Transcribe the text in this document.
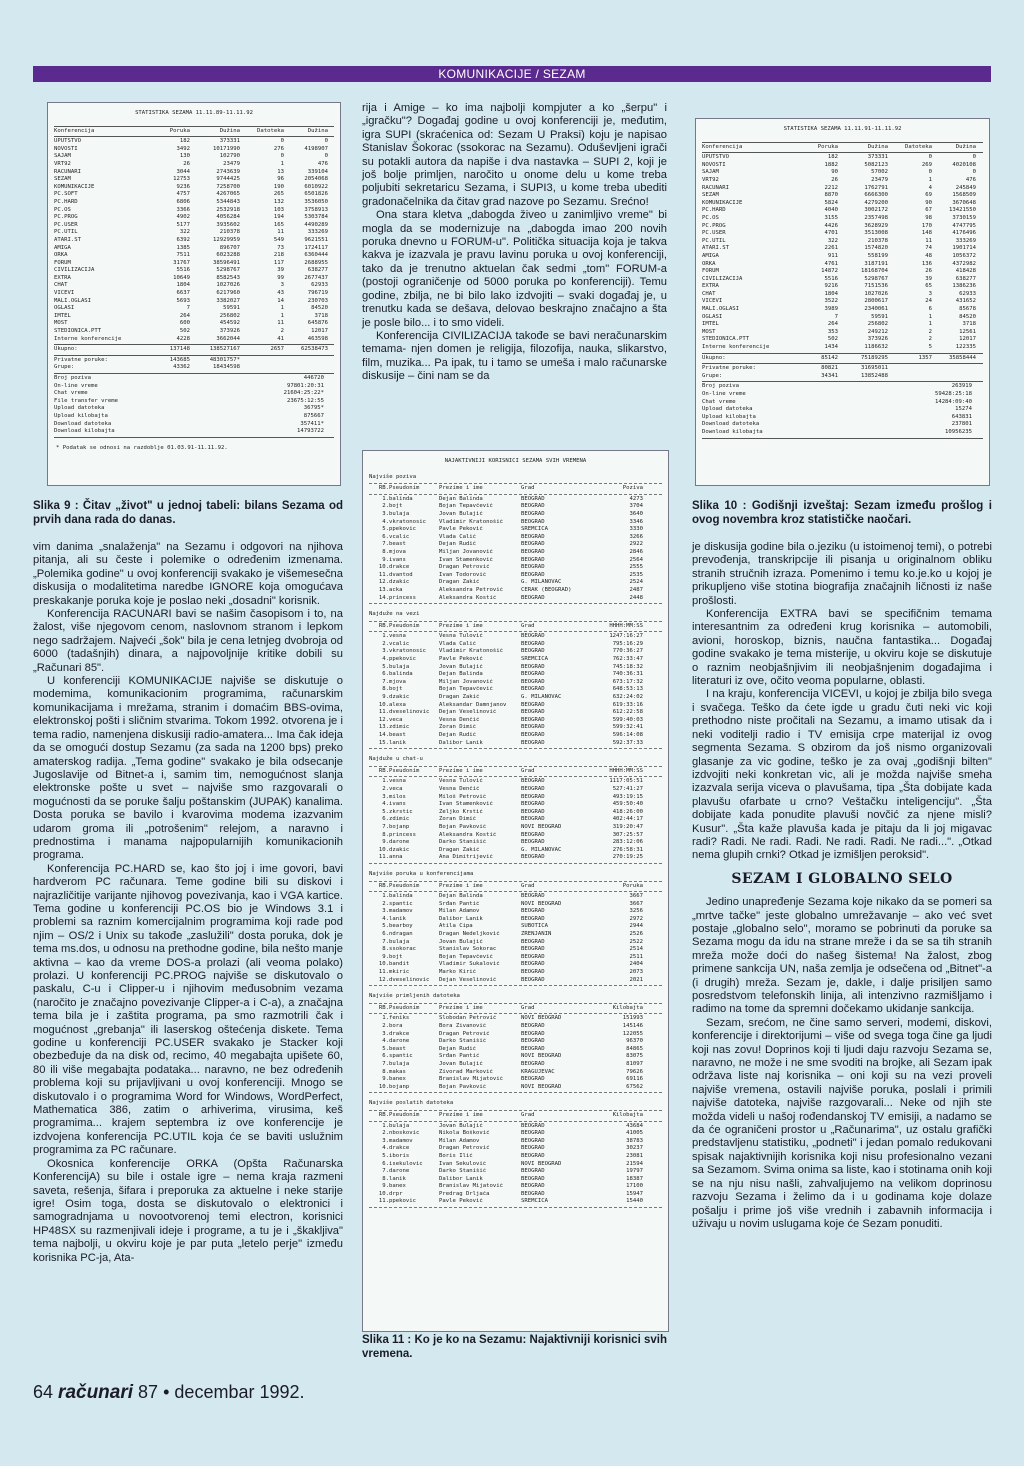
KOMUNIKACIJE / SEZAM
STATISTIKA SEZAMA 11.11.89-11.11.92
Konferencija	Poruka	Dužina	Datoteka	Dužina
UPUTSTVO	182	373331	0	0
NOVOSTI	3492	10171990	276	4198907
SAJAM	130	102790	0	0
VRT92	26	23479	1	476
RACUNARI	3044	2743639	13	339104
SEZAM	12753	9744425	96	2054068
KOMUNIKACIJE	9236	7258700	190	6010922
PC.SOFT	4757	4267065	265	6501826
PC.HARD	6806	5344843	132	3536050
PC.OS	3366	2532918	103	3758913
PC.PROG	4902	4056284	194	5303784
PC.USER	5177	3935602	165	4490289
PC.UTIL	322	210378	11	333269
ATARI.ST	6392	12929959	549	9621551
AMIGA	1385	896707	73	1724117
ORKA	7511	6023288	218	6360444
FORUM	31767	38596491	117	2688955
CIVILIZACIJA	5516	5298767	39	638277
EXTRA	10649	8582543	99	2677437
CHAT	1804	1027026	3	62933
VICEVI	6637	6217960	43	796719
MALI.OGLASI	5693	3382027	14	230703
OGLASI	7	59591	1	84520
IMTEL	264	256802	1	3718
MOST	600	454592	11	645876
STEDIONICA.PTT	502	373926	2	12017
Interne konferencije	4228	3662044	41	463598
Ukupno:	137148	138527167	2657	62538473
Privatne poruke:	143685	48301757*
Grupe:	43362	18434598
Broj poziva	446720
On-line vreme	97801:20:31
Chat vreme	21604:25:22*
File transfer vreme	23675:12:55
Upload datoteka	36795*
Upload kilobajta	875667
Download datoteka	357411*
Download kilobajta	14793722
* Podatak se odnosi na razdoblje 01.03.91-11.11.92.

Slika 9 : Čitav „život" u jednoj tabeli: bilans Sezama od prvih dana rada do danas.

vim danima „snalaženja" na Sezamu i odgovori na njihova pitanja, ali su česte i polemike o određenim izmenama. „Polemika godine" u ovoj konferenciji svakako je višemesečna diskusija o modalitetima naredbe IGNORE koja omogućava preskakanje poruka koje je poslao neki „dosadni" korisnik.

Konferencija RACUNARI bavi se našim časopisom i to, na žalost, više njegovom cenom, naslovnom stranom i lepkom nego sadržajem. Najveći „šok" bila je cena letnjeg dvobroja od 6000 (tadašnjih) dinara, a najpovoljnije kritike dobili su „Računari 85".

U konferenciji KOMUNIKACIJE najviše se diskutuje o modemima, komunikacionim programima, računarskim komunikacijama i mrežama, stranim i domaćim BBS-ovima, elektronskoj pošti i sličnim stvarima. Tokom 1992. otvorena je i tema radio, namenjena diskusiji radio-amatera... Ima čak ideja da se omogući dostup Sezamu (za sada na 1200 bps) preko amaterskog radija. „Tema godine" svakako je bila odsecanje Jugoslavije od Bitnet-a i, samim tim, nemogućnost slanja elektronske pošte u svet – najviše smo razgovarali o mogućnosti da se poruke šalju poštanskim (JUPAK) kanalima. Dosta poruka se bavilo i kvarovima modema izazvanim udarom groma ili „potrošenim" relejom, a naravno i prednostima i manama najpopularnijih komunikacionih programa.

Konferencija PC.HARD se, kao što joj i ime govori, bavi hardverom PC računara. Teme godine bili su diskovi i najrazličitije varijante njihovog povezivanja, kao i VGA kartice. Tema godine u konferenciji PC.OS bio je Windows 3.1 i problemi sa raznim komercijalnim programima koji rade pod njim – OS/2 i Unix su takođe „zaslužili" dosta poruka, dok je tema ms.dos, u odnosu na prethodne godine, bila nešto manje aktivna – kao da vreme DOS-a prolazi (ali veoma polako) prolazi. U konferenciji PC.PROG najviše se diskutovalo o paskalu, C-u i Clipper-u i njihovim međusobnim vezama (naročito je značajno povezivanje Clipper-a i C-a), a značajna tema bila je i zaštita programa, pa smo razmotrili čak i mogućnost „grebanja" ili laserskog oštećenja diskete. Tema godine u konferenciji PC.USER svakako je Stacker koji obezbeđuje da na disk od, recimo, 40 megabajta upišete 60, 80 ili više megabajta podataka... naravno, ne bez određenih problema koji su prijavljivani u ovoj konferenciji. Mnogo se diskutovalo i o programima Word for Windows, WordPerfect, Mathematica 386, zatim o arhiverima, virusima, keš programima... krajem septembra iz ove konferencije je izdvojena konferencija PC.UTIL koja će se baviti uslužnim programima za PC računare.

Okosnica konferencije ORKA (Opšta Računarska KonferencijA) su bile i ostale igre – nema kraja razmeni saveta, rešenja, šifara i preporuka za aktuelne i neke starije igre! Osim toga, dosta se diskutovalo o elektronici i samogradnjama u novootvorenoj temi electron, korisnici HP48SX su razmenjivali ideje i programe, a tu je i „škakljiva" tema najbolji, u okviru koje je par puta „letelo perje" između korisnika PC-ja, Ata-

rija i Amige – ko ima najbolji kompjuter a ko „šerpu" i „igračku"? Događaj godine u ovoj konferenciji je, međutim, igra SUPI (skraćenica od: Sezam U Praksi) koju je napisao Stanislav Šokorac (ssokorac na Sezamu). Oduševljeni igrači su potakli autora da napiše i dva nastavka – SUPI 2, koji je još bolje primljen, naročito u onome delu u kome treba poljubiti sekretaricu Sezama, i SUPI3, u kome treba ubediti gradonačelnika da čitav grad nazove po Sezamu. Srećno!

Ona stara kletva „dabogda živeo u zanimljivo vreme" bi mogla da se modernizuje na „dabogda imao 200 novih poruka dnevno u FORUM-u". Politička situacija koja je takva kakva je izazvala je pravu lavinu poruka u ovoj konferenciji, tako da je trenutno aktuelan čak sedmi „tom" FORUM-a (postoji ograničenje od 5000 poruka po konferenciji). Temu godine, zbilja, ne bi bilo lako izdvojiti – svaki događaj je, u trenutku kada se dešava, delovao beskrajno značajno a šta je posle bilo... i to smo videli.

Konferencija CIVILIZACIJA takođe se bavi neračunarskim temama- njen domen je religija, filozofija, nauka, slikarstvo, film, muzika... Pa ipak, tu i tamo se umeša i malo računarske diskusije – čini nam se da

NAJAKTIVNIJI KORISNICI SEZAMA SVIH VREMENA
Najviše poziva
RB. Pseudonim	Prezime i ime	Grad	Poziva
1. balinda	Dejan Balinda	BEOGRAD	4273
2. bojt	Bojan Tepavčević	BEOGRAD	3704
3. bulaja	Jovan Bulajić	BEOGRAD	3640
4. vkratonosic	Vladimir Kratonošić	BEOGRAD	3346
5. ppekovic	Pavle Peković	SREMČICA	3330
6. vcalic	Vlada Čalić	BEOGRAD	3266
7. beast	Dejan Rudić	BEOGRAD	2922
8. mjova	Miljan Jovanović	BEOGRAD	2846
9. ivans	Ivan Stamenković	BEOGRAD	2564
10. drakce	Dragan Petrović	BEOGRAD	2555
11. dvantod	Ivan Todorović	BEOGRAD	2535
12. dzakic	Dragan Zakić	G. MILANOVAC	2524
13. acka	Aleksandra Petrović	CERAK (BEOGRAD)	2487
14. princess	Aleksandra Kostić	BEOGRAD	2448
Najduže na vezi
RB. Pseudonim	Prezime i ime	Grad	HHHH:MM:SS
1. vesna	Vesna Tulović	BEOGRAD	1247:16:27
2. vcalic	Vlada Čalić	BEOGRAD	795:16:29
3. vkratonosic	Vladimir Kratonošić	BEOGRAD	770:36:27
4. ppekovic	Pavle Peković	SREMČICA	762:33:47
5. bulaja	Jovan Bulajić	BEOGRAD	745:18:32
6. balinda	Dejan Balinda	BEOGRAD	740:36:31
7. mjova	Miljan Jovanović	BEOGRAD	673:17:32
8. bojt	Bojan Tepavčević	BEOGRAD	648:53:13
9. dzakic	Dragan Zakić	G. MILANOVAC	632:24:02
10. alexa	Aleksandar Damnjanov	BEOGRAD	619:33:16
11. dveselinovic	Dejan Veselinović	BEOGRAD	612:22:58
12. veca	Vesna Denčić	BEOGRAD	599:40:03
13. zdimic	Zoran Dimić	BEOGRAD	599:32:41
14. beast	Dejan Rudić	BEOGRAD	596:14:08
15. lanik	Dalibor Lanik	BEOGRAD	592:37:33
Najduže u chat-u
RB. Pseudonim	Prezime i ime	Grad	HHHH:MM:SS
1. vesna	Vesna Tulović	BEOGRAD	1117:05:51
2. veca	Vesna Denčić	BEOGRAD	527:41:27
3. milos	Miloš Petrović	BEOGRAD	493:19:15
4. ivans	Ivan Stamenković	BEOGRAD	459:50:40
5. zkrstic	Željko Krstić	BEOGRAD	418:26:00
6. zdimic	Zoran Dimić	BEOGRAD	402:44:17
7. bojanp	Bojan Pavković	NOVI BEOGRAD	319:20:47
8. princess	Aleksandra Kostić	BEOGRAD	307:25:57
9. darone	Darko Stanišić	BEOGRAD	283:12:06
10. dzakic	Dragan Zakić	G. MILANOVAC	276:58:31
11. anna	Ana Dimitrijević	BEOGRAD	270:19:25
Najviše poruka u konferencijama
RB. Pseudonim	Prezime i ime	Grad	Poruka
1. balinda	Dejan Balinda	BEOGRAD	3667
2. spantic	Srđan Pantić	NOVI BEOGRAD	3667
3. madamov	Milan Adamov	BEOGRAD	3256
4. lanik	Dalibor Lanik	BEOGRAD	2972
5. bearboy	Atila Čipa	SUBOTICA	2944
6. ndragan	Dragan Nedeljković	ZRENJANIN	2526
7. bulaja	Jovan Bulajić	BEOGRAD	2522
8. ssokorac	Stanislav Šokorac	BEOGRAD	2514
9. bojt	Bojan Tepavčević	BEOGRAD	2511
10. bandit	Vladimir Šukalović	BEOGRAD	2404
11. mkiric	Marko Kirić	BEOGRAD	2073
12. dveselinovic	Dejan Veselinović	BEOGRAD	2021
Najviše primljenih datoteka
RB. Pseudonim	Prezime i ime	Grad	Kilobajta
1. feniks	Slobodan Petrović	NOVI BEOGRAD	151993
2. bora	Bora Živanović	BEOGRAD	145146
3. drakce	Dragan Petrović	BEOGRAD	122055
4. darone	Darko Stanišić	BEOGRAD	96370
5. beast	Dejan Rudić	BEOGRAD	84865
6. spantic	Srđan Pantić	NOVI BEOGRAD	83075
7. bulaja	Jovan Bulajić	BEOGRAD	81097
8. makas	Živorad Marković	KRAGUJEVAC	79626
9. banex	Branislav Mijatović	BEOGRAD	69116
10. bojanp	Bojan Pavković	NOVI BEOGRAD	67562
Najviše poslatih datoteka
RB. Pseudonim	Prezime i ime	Grad	Kilobajta
1. bulaja	Jovan Bulajić	BEOGRAD	43684
2. nboskovic	Nikola Bošković	BEOGRAD	41005
3. madamov	Milan Adamov	BEOGRAD	38783
4. drakce	Dragan Petrović	BEOGRAD	30237
5. iboris	Boris Ilić	BEOGRAD	23081
6. isekulovic	Ivan Sekulović	NOVI BEOGRAD	21594
7. darone	Darko Stanišić	BEOGRAD	19797
8. lanik	Dalibor Lanik	BEOGRAD	18387
9. banex	Branislav Mijatović	BEOGRAD	17100
10. drpr	Predrag Drljača	BEOGRAD	15947
11. ppekovic	Pavle Peković	SREMČICA	15440

Slika 11 : Ko je ko na Sezamu: Najaktivniji korisnici svih vremena.

STATISTIKA SEZAMA 11.11.91-11.11.92
Konferencija	Poruka	Dužina	Datoteka	Dužina
UPUTSTVO	182	373331	0	0
NOVOSTI	1882	5082123	269	4020108
SAJAM	90	57002	0	0
VRT92	26	23479	1	476
RACUNARI	2212	1762791	4	245849
SEZAM	8870	6666300	69	1568509
KOMUNIKACIJE	5824	4279200	90	3670648
PC.HARD	4040	3002172	67	13421550
PC.OS	3155	2357498	98	3730159
PC.PROG	4426	3628929	170	4747795
PC.USER	4701	3513008	148	4176496
PC.UTIL	322	210378	11	333269
ATARI.ST	2261	1574820	74	1901714
AMIGA	911	558199	48	1056372
ORKA	4761	3187191	136	4372982
FORUM	14872	18168704	26	418428
CIVILIZACIJA	5516	5298767	39	638277
EXTRA	9216	7151536	65	1386236
CHAT	1804	1027026	3	62933
VICEVI	3522	2800617	24	431652
MALI.OGLASI	3989	2340061	6	85678
OGLASI	7	59591	1	84520
IMTEL	264	256802	1	3718
MOST	353	249212	2	12561
STEDIONICA.PTT	502	373926	2	12017
Interne konferencije	1434	1186632	5	122335
Ukupno:	85142	75189295	1357	35858444
Privatne poruke:	80821	31695011
Grupe:	34341	13852488
Broj poziva	263919
On-line vreme	59428:25:18
Chat vreme	14284:09:40
Upload datoteka	15274
Upload kilobajta	643831
Download datoteka	237801
Download kilobajta	10956235

Slika 10 : Godišnji izveštaj: Sezam između prošlog i ovog novembra kroz statističke naočari.

je diskusija godine bila o.jeziku (u istoimenoj temi), o potrebi prevođenja, transkripcije ili pisanja u originalnom obliku stranih stručnih izraza. Pomenimo i temu ko.je.ko u kojoj je prikupljeno više stotina biografija značajnih ličnosti iz naše prošlosti.

Konferencija EXTRA bavi se specifičnim temama interesantnim za određeni krug korisnika – automobili, avioni, horoskop, biznis, naučna fantastika... Događaj godine svakako je tema misterije, u okviru koje se diskutuje o raznim neobjašnjivim ili neobjašnjenim događajima i literaturi iz ove, očito veoma popularne, oblasti.

I na kraju, konferencija VICEVI, u kojoj je zbilja bilo svega i svačega. Teško da ćete igde u gradu čuti neki vic koji prethodno niste pročitali na Sezamu, a imamo utisak da i neki voditelji radio i TV emisija crpe materijal iz ovog segmenta Sezama. S obzirom da još nismo organizovali glasanje za vic godine, teško je za ovaj „godišnji bilten" izdvojiti neki konkretan vic, ali je možda najviše smeha izazvala serija viceva o plavušama, tipa „Šta dobijate kada plavušu ofarbate u crno? Veštačku inteligenciju". „Šta dobijate kada ponudite plavuši novčić za njene misli? Kusur". „Šta kaže plavuša kada je pitaju da li joj migavac radi? Radi. Ne radi. Radi. Ne radi. Radi. Ne radi...". „Otkad nema glupih crnki? Otkad je izmišljen peroksid".

SEZAM I GLOBALNO SELO

Jedino unapređenje Sezama koje nikako da se pomeri sa „mrtve tačke" jeste globalno umrežavanje – ako već svet postaje „globalno selo", moramo se pobrinuti da poruke sa Sezama mogu da idu na strane mreže i da se sa tih stranih mreža može doći do našeg šistema! Na žalost, zbog primene sankcija UN, naša zemlja je odsečena od „Bitnet"-a (i drugih) mreža. Sezam je, dakle, i dalje prisiljen samo posredstvom telefonskih linija, ali intenzivno razmišljamo i radimo na tome da spremni dočekamo ukidanje sankcija.

Sezam, srećom, ne čine samo serveri, modemi, diskovi, konferencije i direktorijumi – više od svega toga čine ga ljudi koji nas zovu! Doprinos koji ti ljudi daju razvoju Sezama se, naravno, ne može i ne sme svoditi na brojke, ali Sezam ipak održava liste naj korisnika – oni koji su na vezi proveli najviše vremena, ostavili najviše poruka, poslali i primili najviše datoteka, najviše razgovarali... Neke od njih ste možda videli u našoj rođendanskoj TV emisiji, a nadamo se da će ograničeni prostor u „Računarima", uz ostalu grafički predstavljenu statistiku, „podneti" i jedan pomalo redukovani spisak najaktivnijih korisnika koji nisu profesionalno vezani sa Sezamom. Svima onima sa liste, kao i stotinama onih koji se na nju nisu našli, zahvaljujemo na velikom doprinosu razvoju Sezama i želimo da i u godinama koje dolaze pošalju i prime još više vrednih i zabavnih informacija i uživaju u novim uslugama koje će Sezam ponuditi.

64 računari 87 • decembar 1992.
